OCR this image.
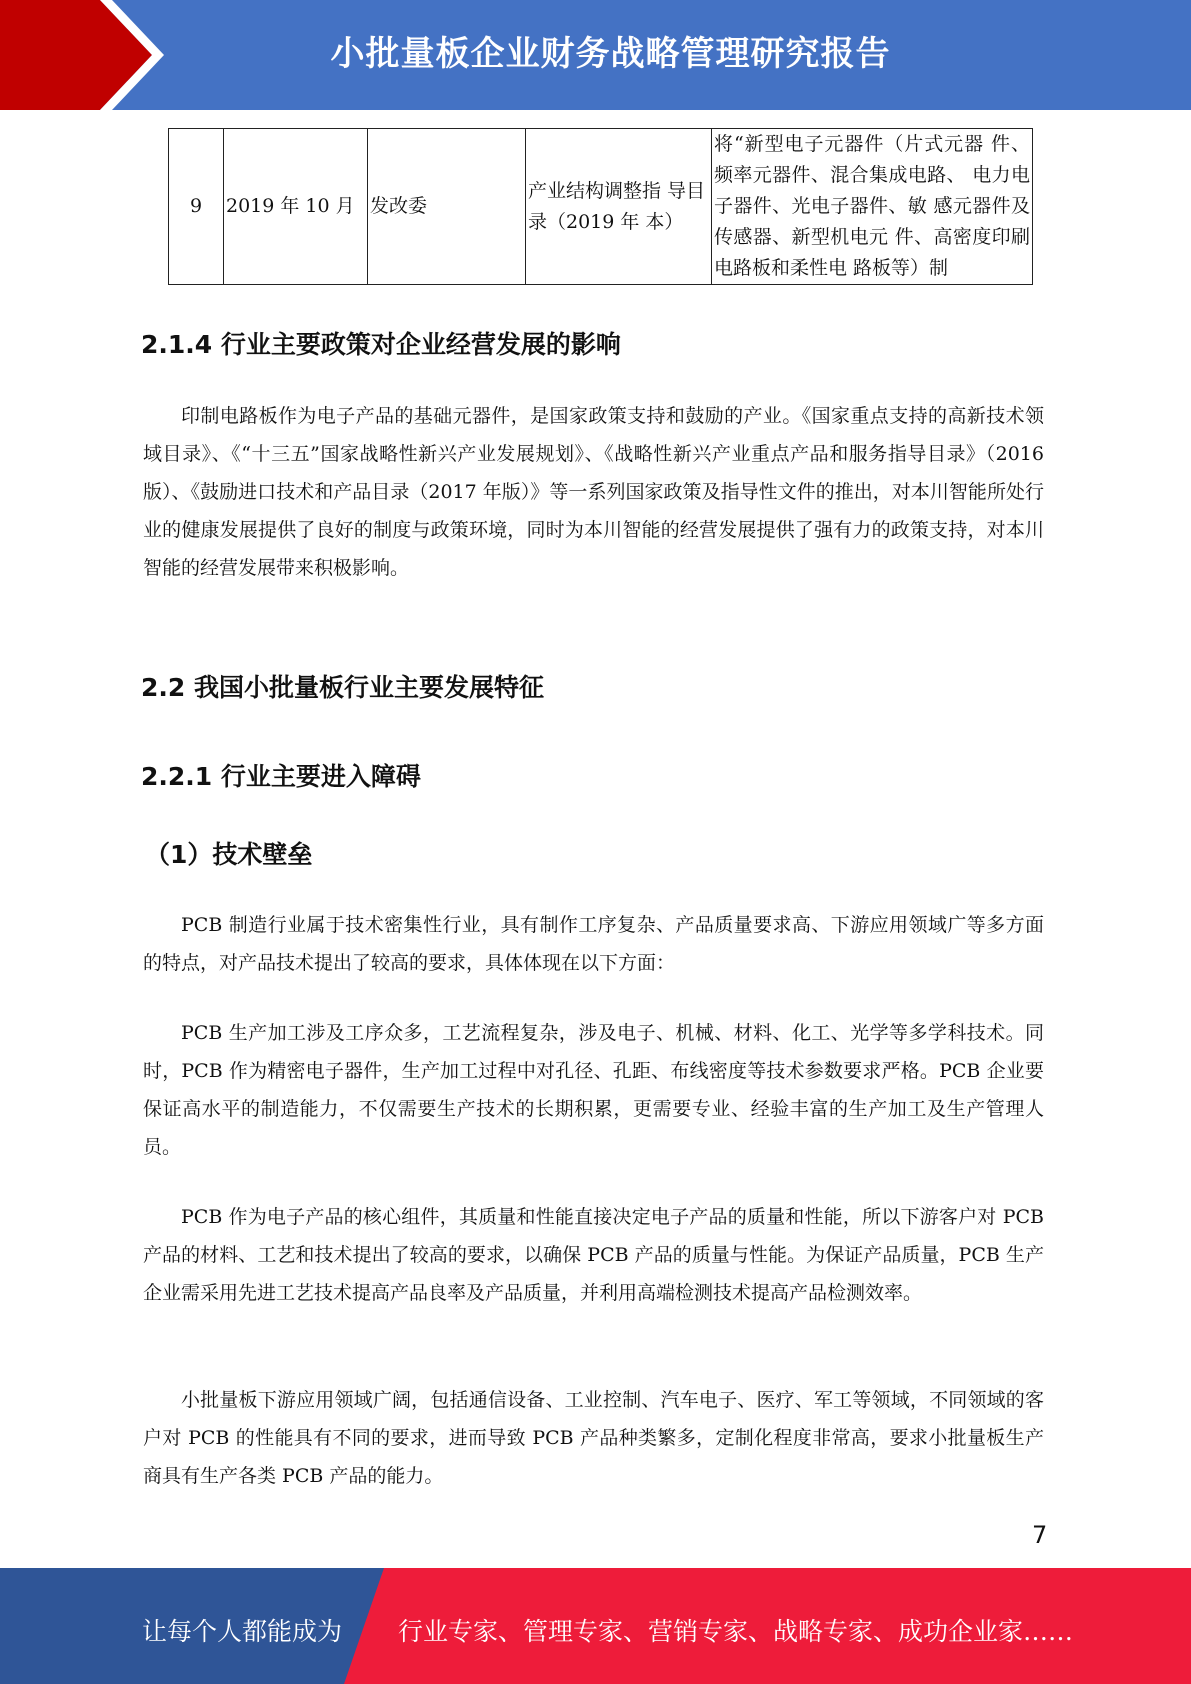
小批量板企业财务战略管理研究报告
9	2019 年 10 月	发改委	产业结构调整指 导目录（2019 年 本）	将“新型电子元器件（片式元器 件、频率元器件、混合集成电路、 电力电子器件、光电子器件、敏 感元器件及传感器、新型机电元 件、高密度印刷电路板和柔性电 路板等）制
2.1.4 行业主要政策对企业经营发展的影响

印制电路板作为电子产品的基础元器件，是国家政策支持和鼓励的产业。《国家重点支持的高新技术领域目录》、《“十三五”国家战略性新兴产业发展规划》、《战略性新兴产业重点产品和服务指导目录》（2016 版）、《鼓励进口技术和产品目录（2017 年版）》等一系列国家政策及指导性文件的推出，对本川智能所处行业的健康发展提供了良好的制度与政策环境，同时为本川智能的经营发展提供了强有力的政策支持，对本川智能的经营发展带来积极影响。

2.2 我国小批量板行业主要发展特征
2.2.1 行业主要进入障碍
（1）技术壁垒

PCB 制造行业属于技术密集性行业，具有制作工序复杂、产品质量要求高、下游应用领域广等多方面的特点，对产品技术提出了较高的要求，具体体现在以下方面：

PCB 生产加工涉及工序众多，工艺流程复杂，涉及电子、机械、材料、化工、光学等多学科技术。同时，PCB 作为精密电子器件，生产加工过程中对孔径、孔距、布线密度等技术参数要求严格。PCB 企业要保证高水平的制造能力，不仅需要生产技术的长期积累，更需要专业、经验丰富的生产加工及生产管理人员。

PCB 作为电子产品的核心组件，其质量和性能直接决定电子产品的质量和性能，所以下游客户对 PCB 产品的材料、工艺和技术提出了较高的要求，以确保 PCB 产品的质量与性能。为保证产品质量，PCB 生产企业需采用先进工艺技术提高产品良率及产品质量，并利用高端检测技术提高产品检测效率。

小批量板下游应用领域广阔，包括通信设备、工业控制、汽车电子、医疗、军工等领域，不同领域的客户对 PCB 的性能具有不同的要求，进而导致 PCB 产品种类繁多，定制化程度非常高，要求小批量板生产商具有生产各类 PCB 产品的能力。

7
让每个人都能成为 行业专家、管理专家、营销专家、战略专家、成功企业家……
